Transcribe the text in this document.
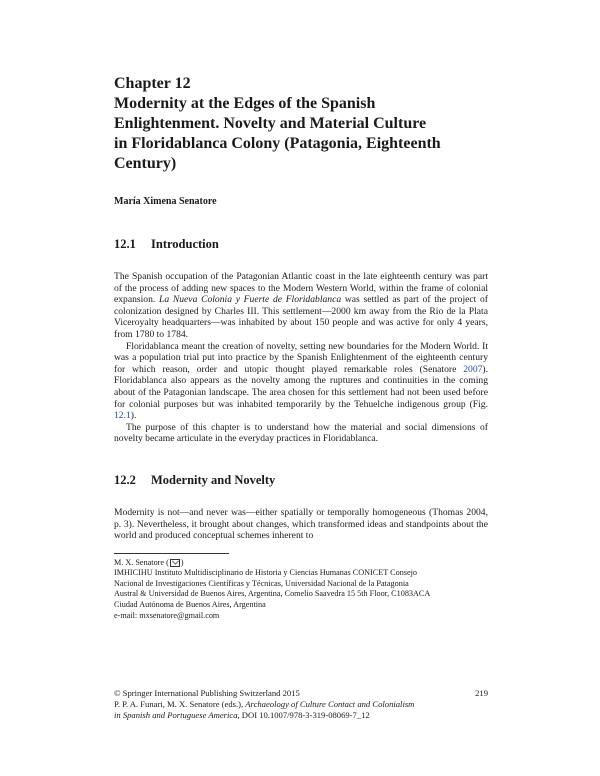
Chapter 12
Modernity at the Edges of the Spanish
Enlightenment. Novelty and Material Culture
in Floridablanca Colony (Patagonia, Eighteenth
Century)
María Ximena Senatore
12.1	Introduction

The Spanish occupation of the Patagonian Atlantic coast in the late eighteenth century was part of the process of adding new spaces to the Modern Western World, within the frame of colonial expansion. La Nueva Colonia y Fuerte de Floridablanca was settled as part of the project of colonization designed by Charles III. This settlement—2000 km away from the Rio de la Plata Viceroyalty headquarters—was inhabited by about 150 people and was active for only 4 years, from 1780 to 1784.

Floridablanca meant the creation of novelty, setting new boundaries for the Modern World. It was a population trial put into practice by the Spanish Enlightenment of the eighteenth century for which reason, order and utopic thought played remarkable roles (Senatore 2007). Floridablanca also appears as the novelty among the ruptures and continuities in the coming about of the Patagonian landscape. The area chosen for this settlement had not been used before for colonial purposes but was inhabited temporarily by the Tehuelche indigenous group (Fig. 12.1).

The purpose of this chapter is to understand how the material and social dimensions of novelty became articulate in the everyday practices in Floridablanca.

12.2	Modernity and Novelty

Modernity is not—and never was—either spatially or temporally homogeneous (Thomas 2004, p. 3). Nevertheless, it brought about changes, which transformed ideas and standpoints about the world and produced conceptual schemes inherent to

M. X. Senatore ( )
IMHICIHU Instituto Multidisciplinario de Historia y Ciencias Humanas CONICET Consejo
Nacional de Investigaciones Científicas y Técnicas, Universidad Nacional de la Patagonia
Austral & Universidad de Buenos Aires, Argentina, Comelio Saavedra 15 5th Floor, C1083ACA
Ciudad Autónoma de Buenos Aires, Argentina
e-mail: mxsenatore@gmail.com
© Springer International Publishing Switzerland 2015	219
P. P. A. Funari, M. X. Senatore (eds.), Archaeology of Culture Contact and Colonialism
in Spanish and Portuguese America, DOI 10.1007/978-3-319-08069-7_12
